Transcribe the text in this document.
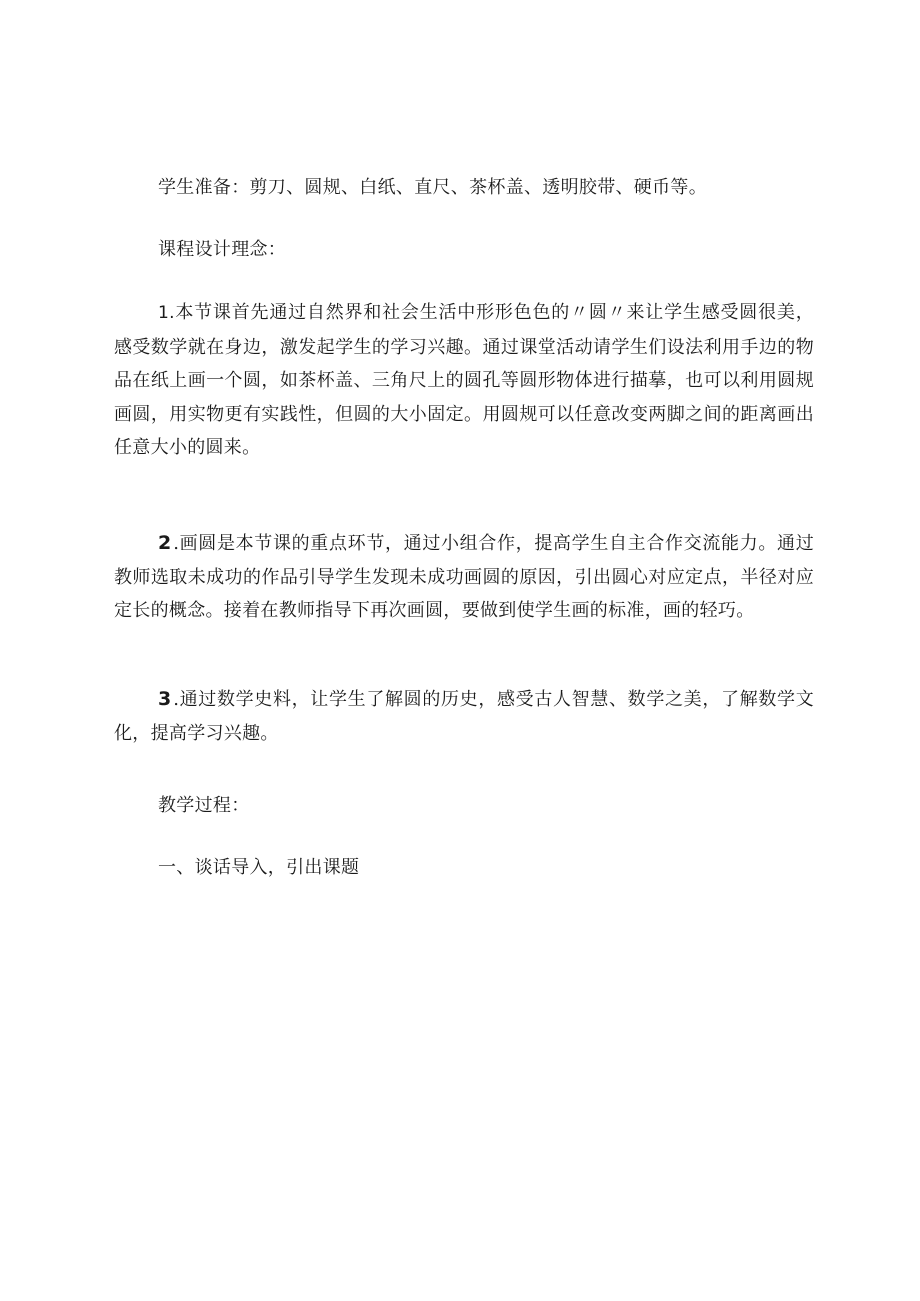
学生准备：剪刀、圆规、白纸、直尺、茶杯盖、透明胶带、硬币等。

课程设计理念：

1.本节课首先通过自然界和社会生活中形形色色的〃圆〃来让学生感受圆很美，感受数学就在身边，激发起学生的学习兴趣。通过课堂活动请学生们设法利用手边的物品在纸上画一个圆，如茶杯盖、三角尺上的圆孔等圆形物体进行描摹，也可以利用圆规画圆，用实物更有实践性，但圆的大小固定。用圆规可以任意改变两脚之间的距离画出任意大小的圆来。

2.画圆是本节课的重点环节，通过小组合作，提高学生自主合作交流能力。通过教师选取未成功的作品引导学生发现未成功画圆的原因，引出圆心对应定点，半径对应定长的概念。接着在教师指导下再次画圆，要做到使学生画的标准，画的轻巧。

3.通过数学史料，让学生了解圆的历史，感受古人智慧、数学之美，了解数学文化，提高学习兴趣。

教学过程：

一、谈话导入，引出课题
